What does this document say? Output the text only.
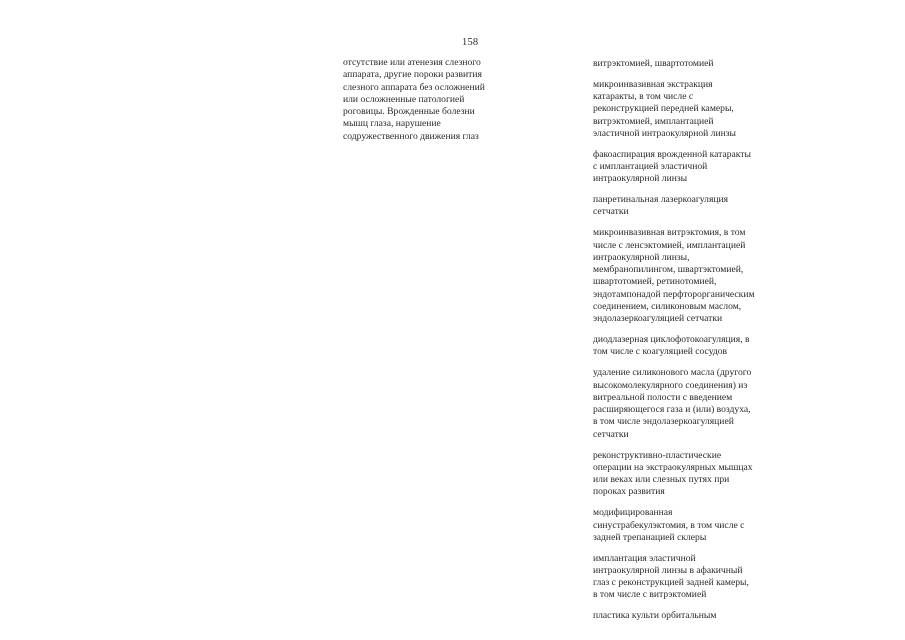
158
отсутствие или атенезия слезного
аппарата, другие пороки развития
слезного аппарата без осложнений
или осложненные патологией
роговицы. Врожденные болезни
мышц глаза, нарушение
содружественного движения глаз
витрэктомией, швартотомией
микроинвазивная экстракция
катаракты, в том числе с
реконструкцией передней камеры,
витрэктомией, имплантацией
эластичной интраокулярной линзы
факоаспирация врожденной катаракты
с имплантацией эластичной
интраокулярной линзы
панретинальная лазеркоагуляция
сетчатки
микроинвазивная витрэктомия, в том
числе с ленсэктомией, имплантацией
интраокулярной линзы,
мембранопилингом, швартэктомией,
швартотомией, ретинотомией,
эндотампонадой перфторорганическим
соединением, силиконовым маслом,
эндолазеркоагуляцией сетчатки
диодлазерная циклофотокоагуляция, в
том числе с коагуляцией сосудов
удаление силиконового масла (другого
высокомолекулярного соединения) из
витреальной полости с введением
расширяющегося газа и (или) воздуха,
в том числе эндолазеркоагуляцией
сетчатки
реконструктивно-пластические
операции на экстраокулярных мышцах
или веках или слезных путях при
пороках развития
модифицированная
синустрабекулэктомия, в том числе с
задней трепанацией склеры
имплантация эластичной
интраокулярной линзы в афакичный
глаз с реконструкцией задней камеры,
в том числе с витрэктомией
пластика культи орбитальным
